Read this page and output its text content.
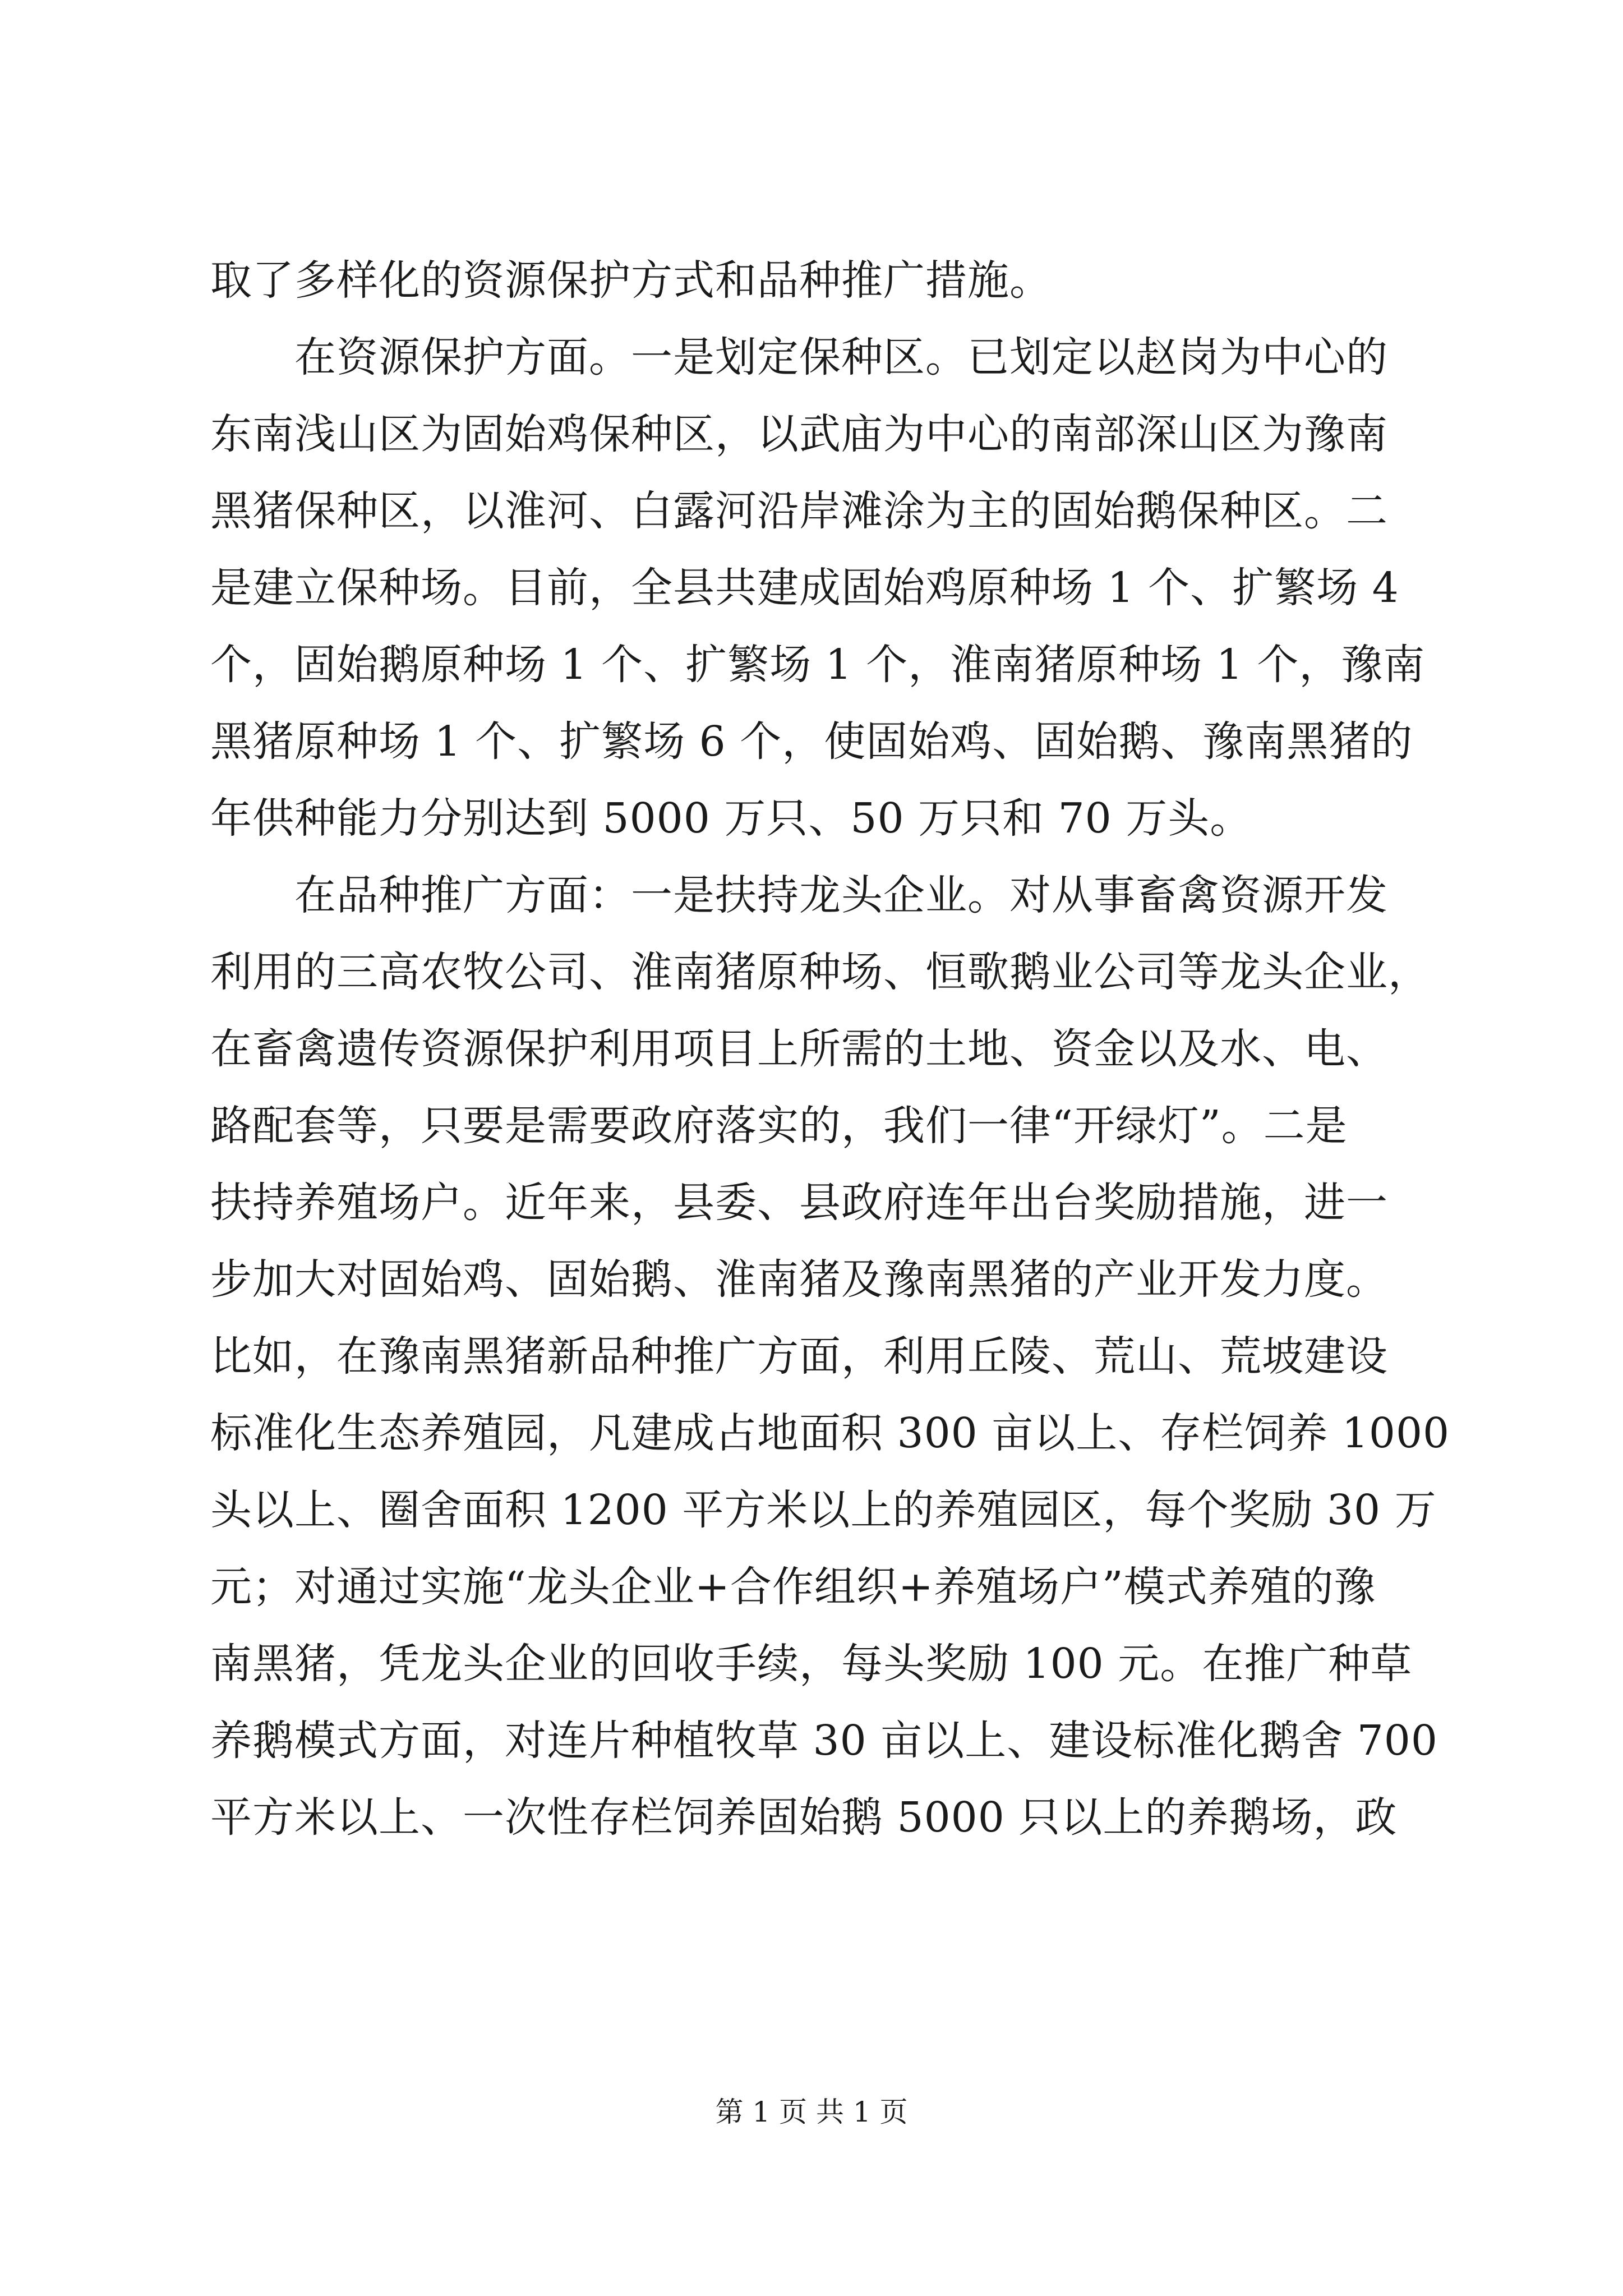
取了多样化的资源保护方式和品种推广措施。
　　在资源保护方面。一是划定保种区。已划定以赵岗为中心的
东南浅山区为固始鸡保种区，以武庙为中心的南部深山区为豫南
黑猪保种区，以淮河、白露河沿岸滩涂为主的固始鹅保种区。二
是建立保种场。目前，全县共建成固始鸡原种场 1 个、扩繁场 4
个，固始鹅原种场 1 个、扩繁场 1 个，淮南猪原种场 1 个，豫南
黑猪原种场 1 个、扩繁场 6 个，使固始鸡、固始鹅、豫南黑猪的
年供种能力分别达到 5000 万只、50 万只和 70 万头。
　　在品种推广方面：一是扶持龙头企业。对从事畜禽资源开发
利用的三高农牧公司、淮南猪原种场、恒歌鹅业公司等龙头企业，
在畜禽遗传资源保护利用项目上所需的土地、资金以及水、电、
路配套等，只要是需要政府落实的，我们一律“开绿灯”。二是
扶持养殖场户。近年来，县委、县政府连年出台奖励措施，进一
步加大对固始鸡、固始鹅、淮南猪及豫南黑猪的产业开发力度。
比如，在豫南黑猪新品种推广方面，利用丘陵、荒山、荒坡建设
标准化生态养殖园，凡建成占地面积 300 亩以上、存栏饲养 1000
头以上、圈舍面积 1200 平方米以上的养殖园区，每个奖励 30 万
元；对通过实施“龙头企业+合作组织+养殖场户”模式养殖的豫
南黑猪，凭龙头企业的回收手续，每头奖励 100 元。在推广种草
养鹅模式方面，对连片种植牧草 30 亩以上、建设标准化鹅舍 700
平方米以上、一次性存栏饲养固始鹅 5000 只以上的养鹅场，政
第 1 页 共 1 页
